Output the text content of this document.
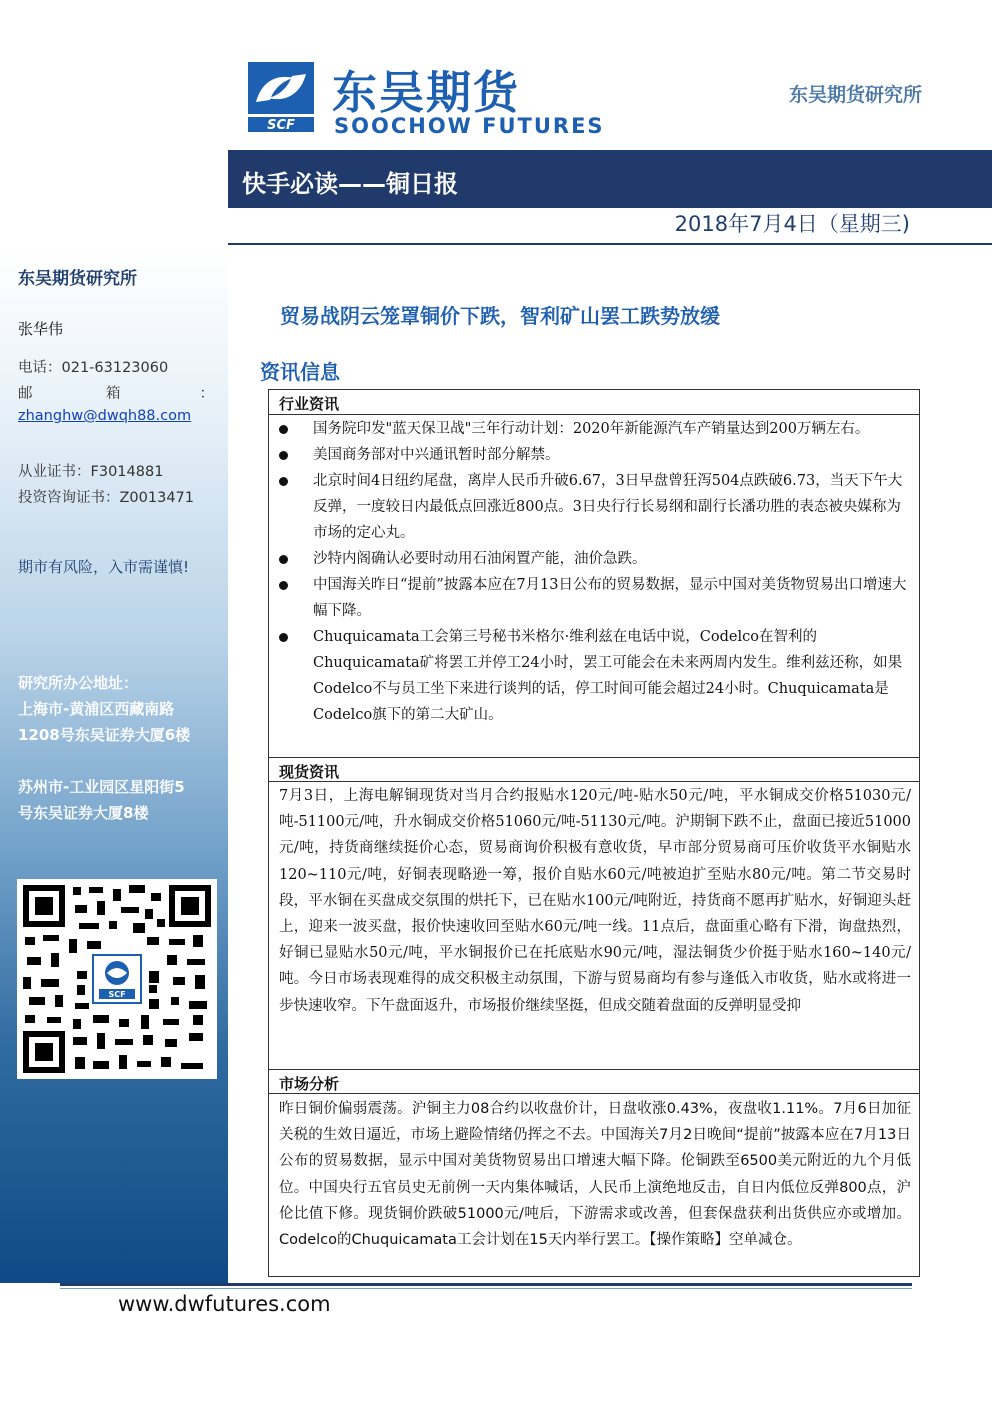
东吴期货研究所
张华伟
电话：021-63123060
邮	箱	：
zhanghw@dwqh88.com
从业证书：F3014881
投资咨询证书：Z0013471
期市有风险，入市需谨慎!
研究所办公地址：
上海市-黄浦区西藏南路
1208号东吴证券大厦6楼
苏州市-工业园区星阳街5
号东吴证券大厦8楼
SCF
SCF
东吴期货
SOOCHOW FUTURES
东吴期货研究所
快手必读——铜日报
2018年7月4日（星期三)
贸易战阴云笼罩铜价下跌，智利矿山罢工跌势放缓
资讯信息
行业资讯
国务院印发"蓝天保卫战"三年行动计划：2020年新能源汽车产销量达到200万辆左右。
美国商务部对中兴通讯暂时部分解禁。
北京时间4日纽约尾盘，离岸人民币升破6.67，3日早盘曾狂泻504点跌破6.73，当天下午大反弹，一度较日内最低点回涨近800点。3日央行行长易纲和副行长潘功胜的表态被央媒称为市场的定心丸。
沙特内阁确认必要时动用石油闲置产能，油价急跌。
中国海关昨日“提前”披露本应在7月13日公布的贸易数据，显示中国对美货物贸易出口增速大幅下降。
Chuquicamata工会第三号秘书米格尔·维利兹在电话中说，Codelco在智利的Chuquicamata矿将罢工并停工24小时，罢工可能会在未来两周内发生。维利兹还称，如果Codelco不与员工坐下来进行谈判的话，停工时间可能会超过24小时。Chuquicamata是Codelco旗下的第二大矿山。
现货资讯
7月3日，上海电解铜现货对当月合约报贴水120元/吨-贴水50元/吨，平水铜成交价格51030元/吨-51100元/吨，升水铜成交价格51060元/吨-51130元/吨。沪期铜下跌不止，盘面已接近51000元/吨，持货商继续挺价心态，贸易商询价积极有意收货，早市部分贸易商可压价收货平水铜贴水120~110元/吨，好铜表现略逊一筹，报价自贴水60元/吨被迫扩至贴水80元/吨。第二节交易时段，平水铜在买盘成交氛围的烘托下，已在贴水100元/吨附近，持货商不愿再扩贴水，好铜迎头赶上，迎来一波买盘，报价快速收回至贴水60元/吨一线。11点后，盘面重心略有下滑，询盘热烈，好铜已显贴水50元/吨，平水铜报价已在托底贴水90元/吨，湿法铜货少价挺于贴水160~140元/吨。今日市场表现难得的成交积极主动氛围，下游与贸易商均有参与逢低入市收货，贴水或将进一步快速收窄。下午盘面返升，市场报价继续坚挺，但成交随着盘面的反弹明显受抑
市场分析
昨日铜价偏弱震荡。沪铜主力08合约以收盘价计，日盘收涨0.43%，夜盘收1.11%。7月6日加征关税的生效日逼近，市场上避险情绪仍挥之不去。中国海关7月2日晚间“提前”披露本应在7月13日公布的贸易数据，显示中国对美货物贸易出口增速大幅下降。伦铜跌至6500美元附近的九个月低位。中国央行五官员史无前例一天内集体喊话，人民币上演绝地反击，自日内低位反弹800点，沪伦比值下修。现货铜价跌破51000元/吨后，下游需求或改善，但套保盘获利出货供应亦或增加。Codelco的Chuquicamata工会计划在15天内举行罢工。【操作策略】空单减仓。
www.dwfutures.com
